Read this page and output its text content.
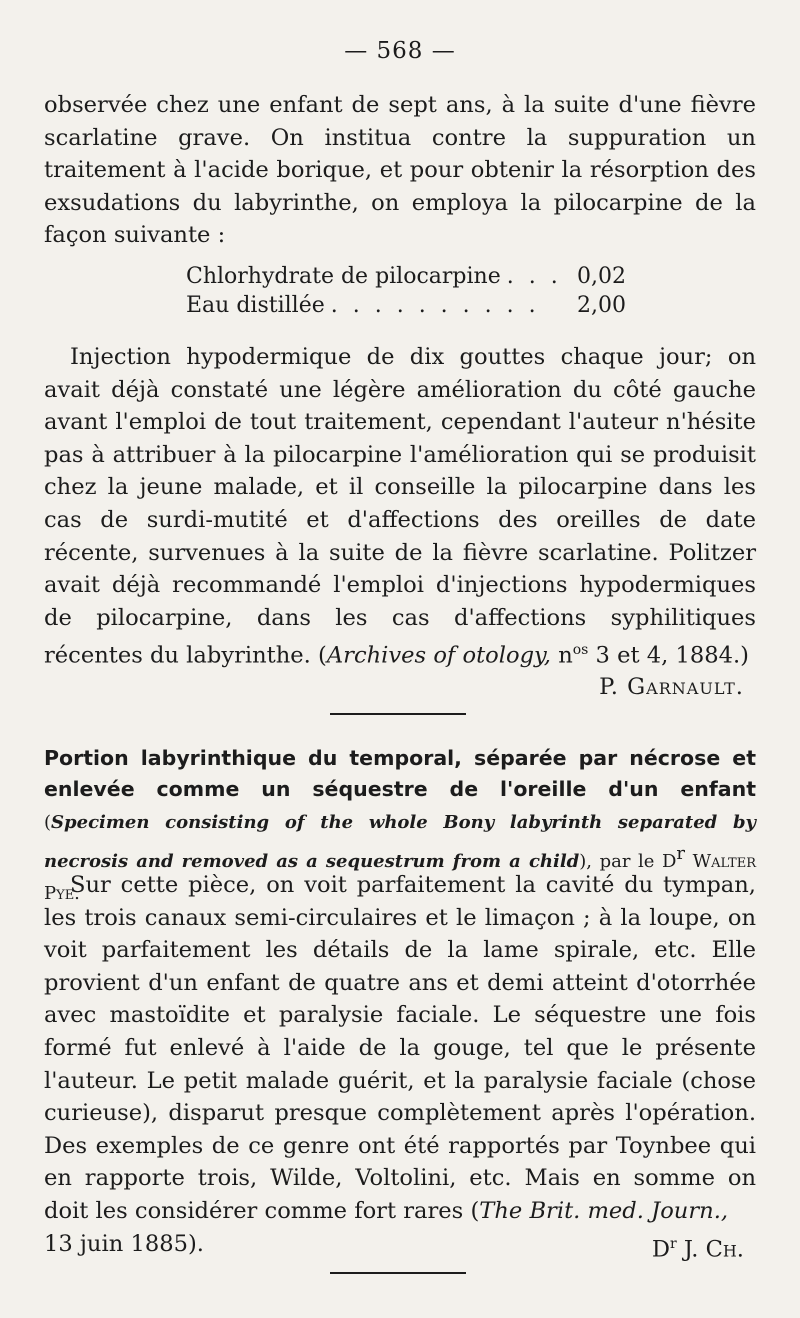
— 568 —

observée chez une enfant de sept ans, à la suite d'une fièvre scarlatine grave. On institua contre la suppuration un traitement à l'acide borique, et pour obtenir la résorption des exsudations du labyrinthe, on employa la pilocarpine de la façon suivante :

Chlorhydrate de pilocarpine . . . 0,02
Eau distillée . . . . . . . . . .	2,00

Injection hypodermique de dix gouttes chaque jour; on avait déjà constaté une légère amélioration du côté gauche avant l'emploi de tout traitement, cependant l'auteur n'hésite pas à attribuer à la pilocarpine l'amélioration qui se produisit chez la jeune malade, et il conseille la pilocarpine dans les cas de surdi-mutité et d'affections des oreilles de date récente, survenues à la suite de la fièvre scarlatine. Politzer avait déjà recommandé l'emploi d'injections hypodermiques de pilocarpine, dans les cas d'affections syphilitiques récentes du labyrinthe. (Archives of otology, $n^{os}$ 3 et 4, 1884.)

P. Garnault.
Portion labyrinthique du temporal, séparée par nécrose et enlevée comme un séquestre de l'oreille d'un enfant (Specimen consisting of the whole Bony labyrinth separated by necrosis and removed as a sequestrum from a child), par le $D^r$ Walter Pye.

Sur cette pièce, on voit parfaitement la cavité du tympan, les trois canaux semi-circulaires et le limaçon ; à la loupe, on voit parfaitement les détails de la lame spirale, etc. Elle provient d'un enfant de quatre ans et demi atteint d'otorrhée avec mastoïdite et paralysie faciale. Le séquestre une fois formé fut enlevé à l'aide de la gouge, tel que le présente l'auteur. Le petit malade guérit, et la paralysie faciale (chose curieuse), disparut presque complètement après l'opération. Des exemples de ce genre ont été rapportés par Toynbee qui en rapporte trois, Wilde, Voltolini, etc. Mais en somme on doit les considérer comme fort rares (The Brit. med. Journ.,

13 juin 1885).	$D^r$ J. Ch.
